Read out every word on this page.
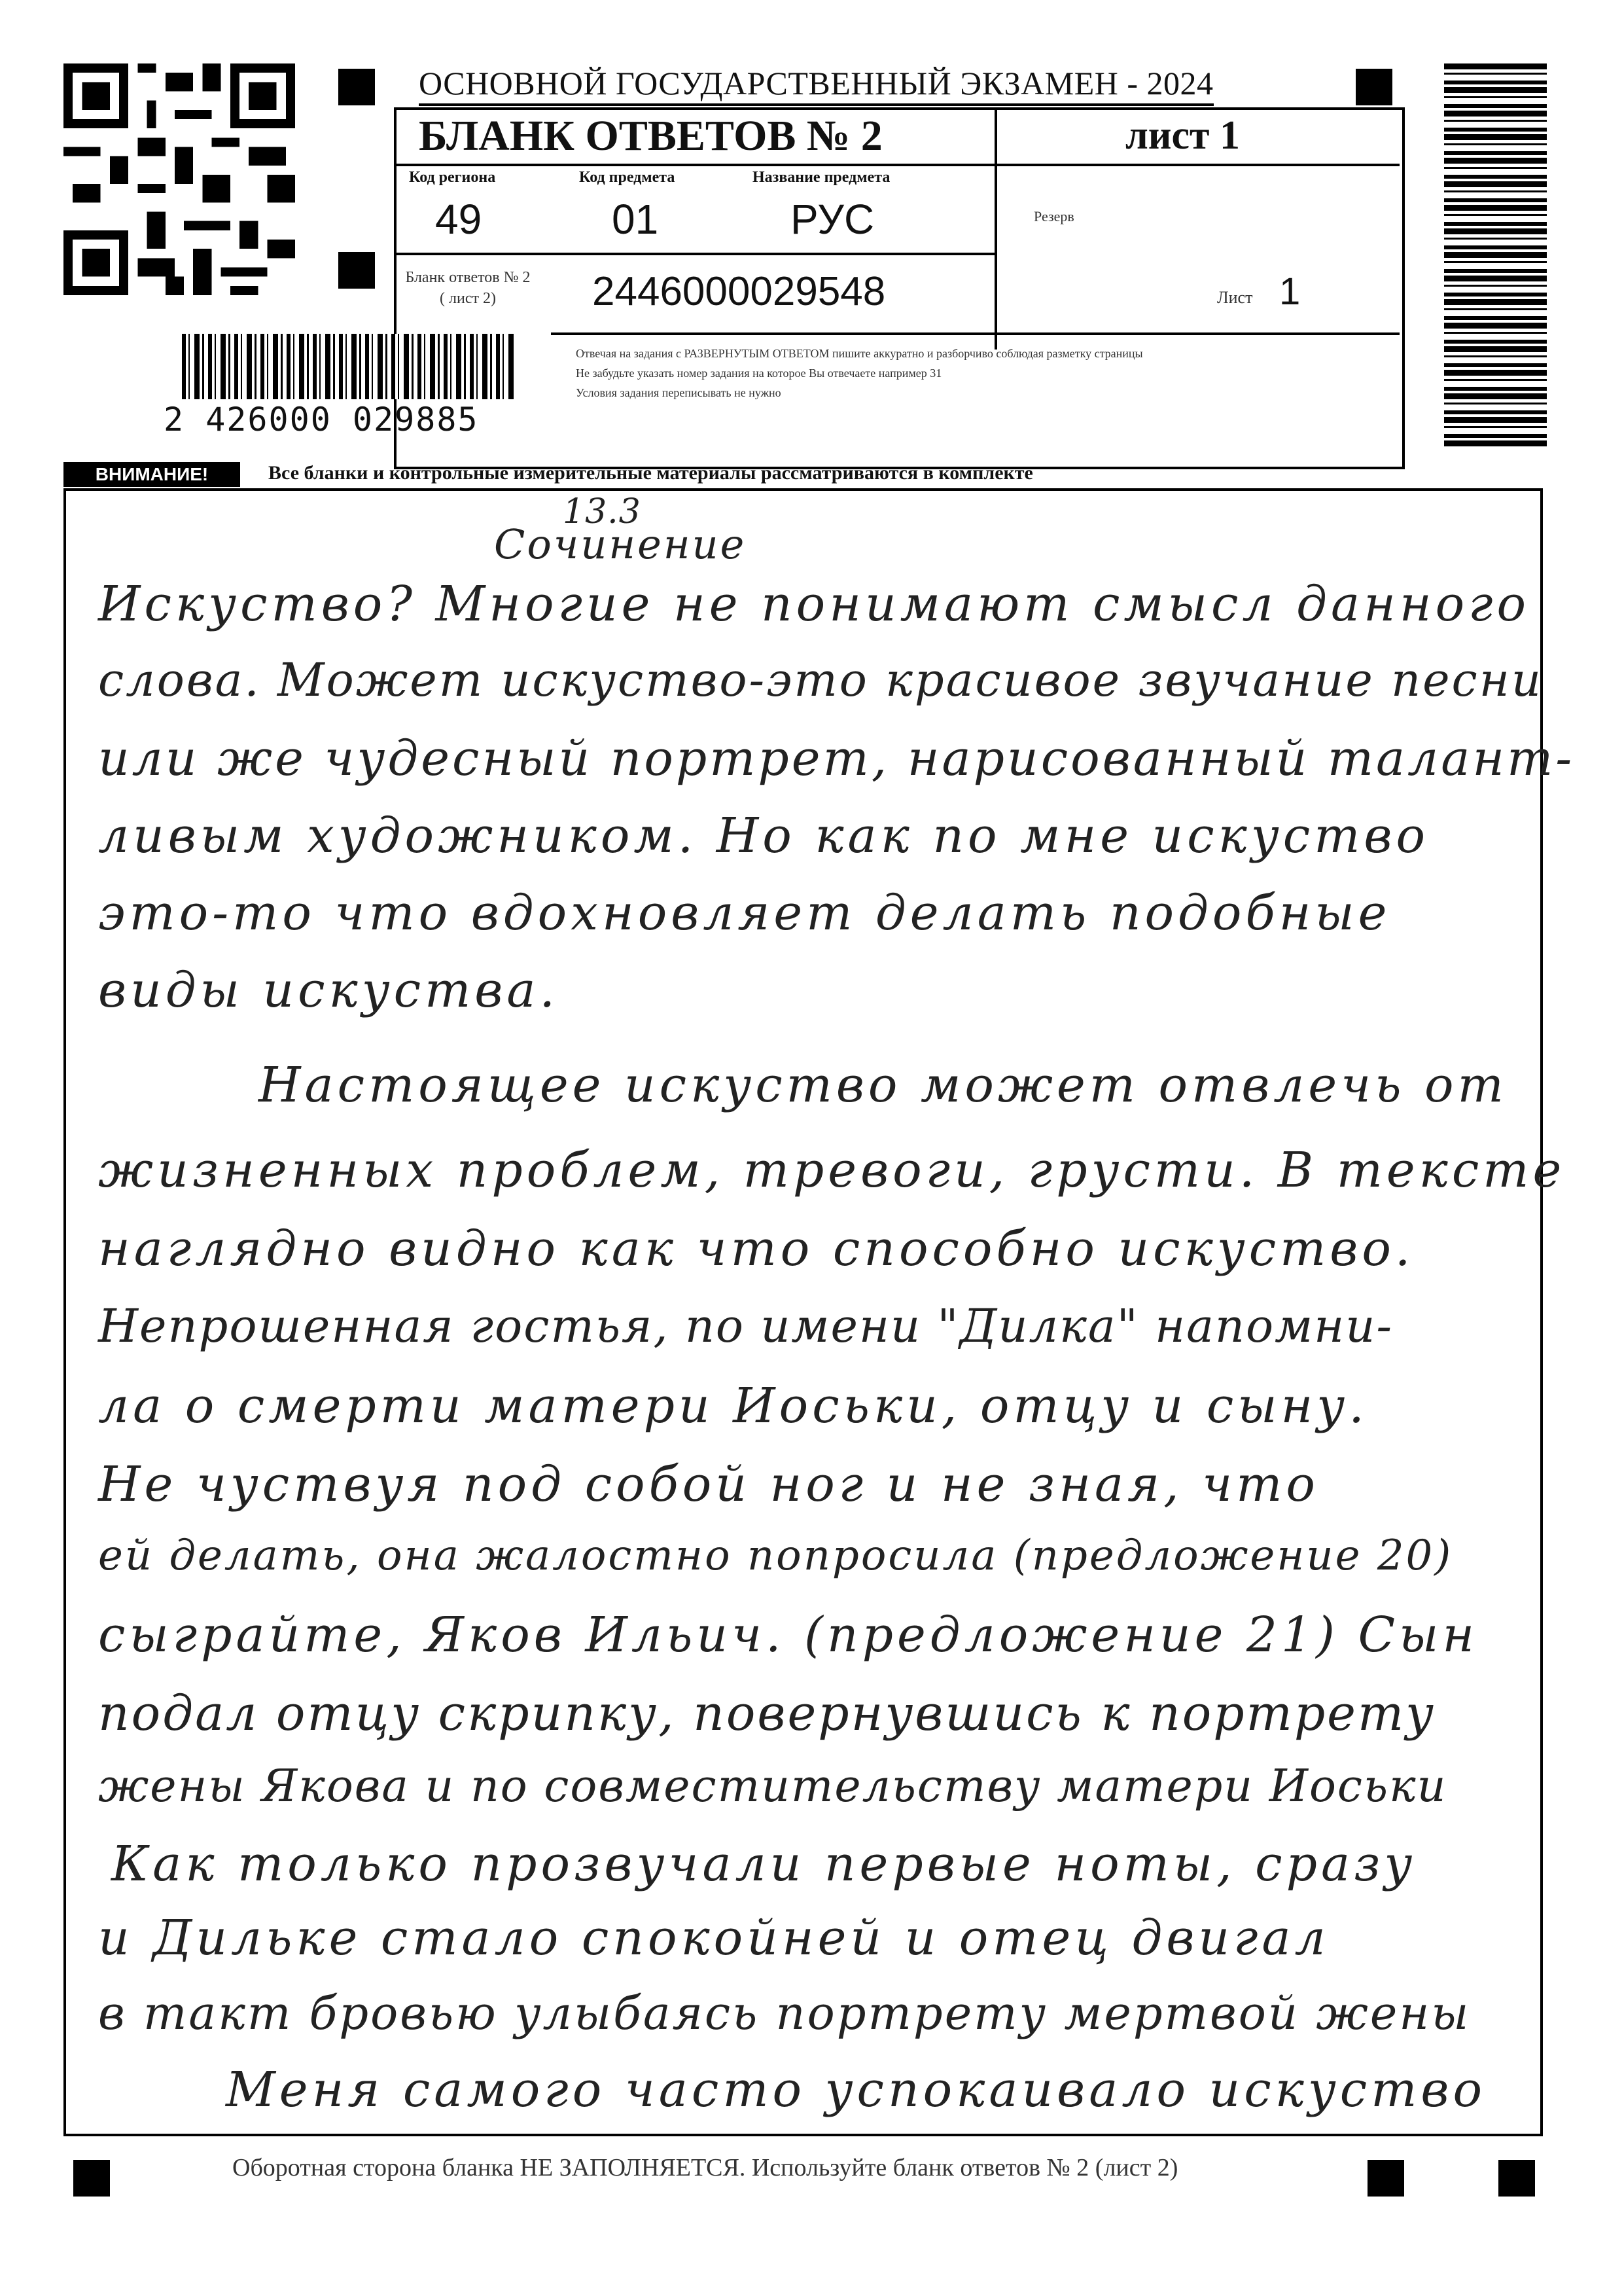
ОСНОВНОЙ ГОСУДАРСТВЕННЫЙ ЭКЗАМЕН - 2024
БЛАНК ОТВЕТОВ № 2	лист 1
Код региона
49
Код предмета
01
Название предмета
РУС	Резерв
Бланк ответов № 2
( лист 2)	2446000029548	Лист 1
Отвечая на задания с РАЗВЕРНУТЫМ ОТВЕТОМ пишите аккуратно и разборчиво соблюдая разметку страницы
Не забудьте указать номер задания на которое Вы отвечаете например 31
Условия задания переписывать не нужно
2 426000 029885
ВНИМАНИЕ!	Все бланки и контрольные измерительные материалы рассматриваются в комплекте
13.3
Сочинение
Искуство? Многие не понимают смысл данного
слова. Может искуство-это красивое звучание песни
или же чудесный портрет, нарисованный талант-
ливым художником. Но как по мне искуство
это-то что вдохновляет делать подобные
виды искуства.
Настоящее искуство может отвлечь от
жизненных проблем, тревоги, грусти. В тексте
наглядно видно как что способно искуство.
Непрошенная гостья, по имени "Дилка" напомни-
ла о смерти матери Иоськи, отцу и сыну.
Не чуствуя под собой ног и не зная, что
ей делать, она жалостно попросила (предложение 20)
сыграйте, Яков Ильич. (предложение 21) Сын
подал отцу скрипку, повернувшись к портрету
жены Якова и по совместительству матери Иоськи
Как только прозвучали первые ноты, сразу
и Дильке стало спокойней и отец двигал
в такт бровью улыбаясь портрету мертвой жены
Меня самого часто успокаивало искуство
Оборотная сторона бланка НЕ ЗАПОЛНЯЕТСЯ. Используйте бланк ответов № 2 (лист 2)
